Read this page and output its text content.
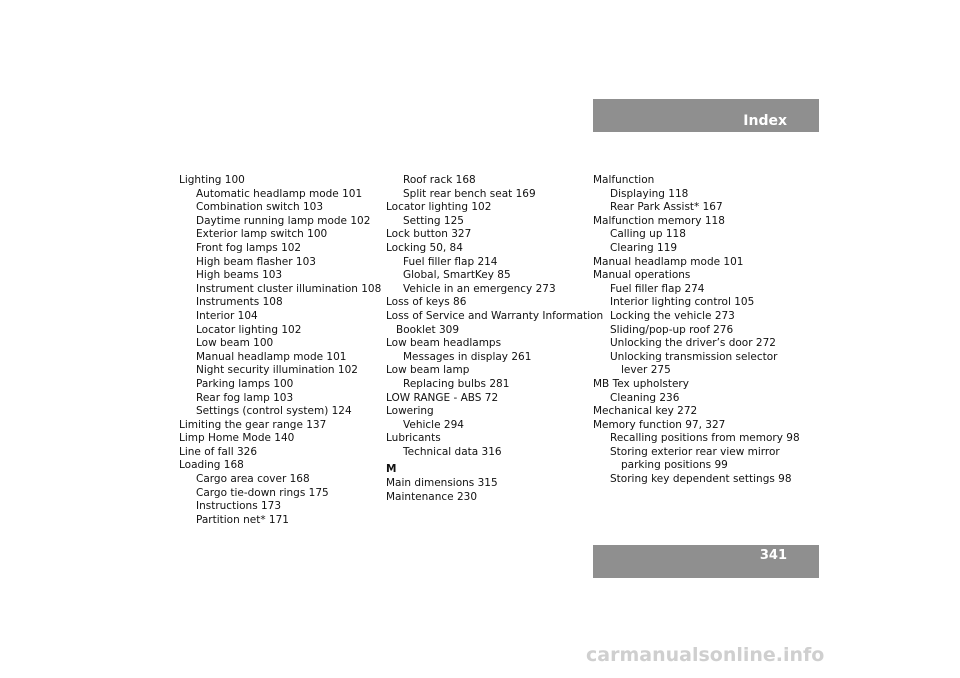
Index
Lighting 100
Automatic headlamp mode 101
Combination switch 103
Daytime running lamp mode 102
Exterior lamp switch 100
Front fog lamps 102
High beam flasher 103
High beams 103
Instrument cluster illumination 108
Instruments 108
Interior 104
Locator lighting 102
Low beam 100
Manual headlamp mode 101
Night security illumination 102
Parking lamps 100
Rear fog lamp 103
Settings (control system) 124
Limiting the gear range 137
Limp Home Mode 140
Line of fall 326
Loading 168
Cargo area cover 168
Cargo tie-down rings 175
Instructions 173
Partition net* 171
Roof rack 168
Split rear bench seat 169
Locator lighting 102
Setting 125
Lock button 327
Locking 50, 84
Fuel filler flap 214
Global, SmartKey 85
Vehicle in an emergency 273
Loss of keys 86
Loss of Service and Warranty Information
Booklet 309
Low beam headlamps
Messages in display 261
Low beam lamp
Replacing bulbs 281
LOW RANGE - ABS 72
Lowering
Vehicle 294
Lubricants
Technical data 316
M
Main dimensions 315
Maintenance 230
Malfunction
Displaying 118
Rear Park Assist* 167
Malfunction memory 118
Calling up 118
Clearing 119
Manual headlamp mode 101
Manual operations
Fuel filler flap 274
Interior lighting control 105
Locking the vehicle 273
Sliding/pop-up roof 276
Unlocking the driver’s door 272
Unlocking transmission selector
lever 275
MB Tex upholstery
Cleaning 236
Mechanical key 272
Memory function 97, 327
Recalling positions from memory 98
Storing exterior rear view mirror
parking positions 99
Storing key dependent settings 98
341
carmanualsonline.info
